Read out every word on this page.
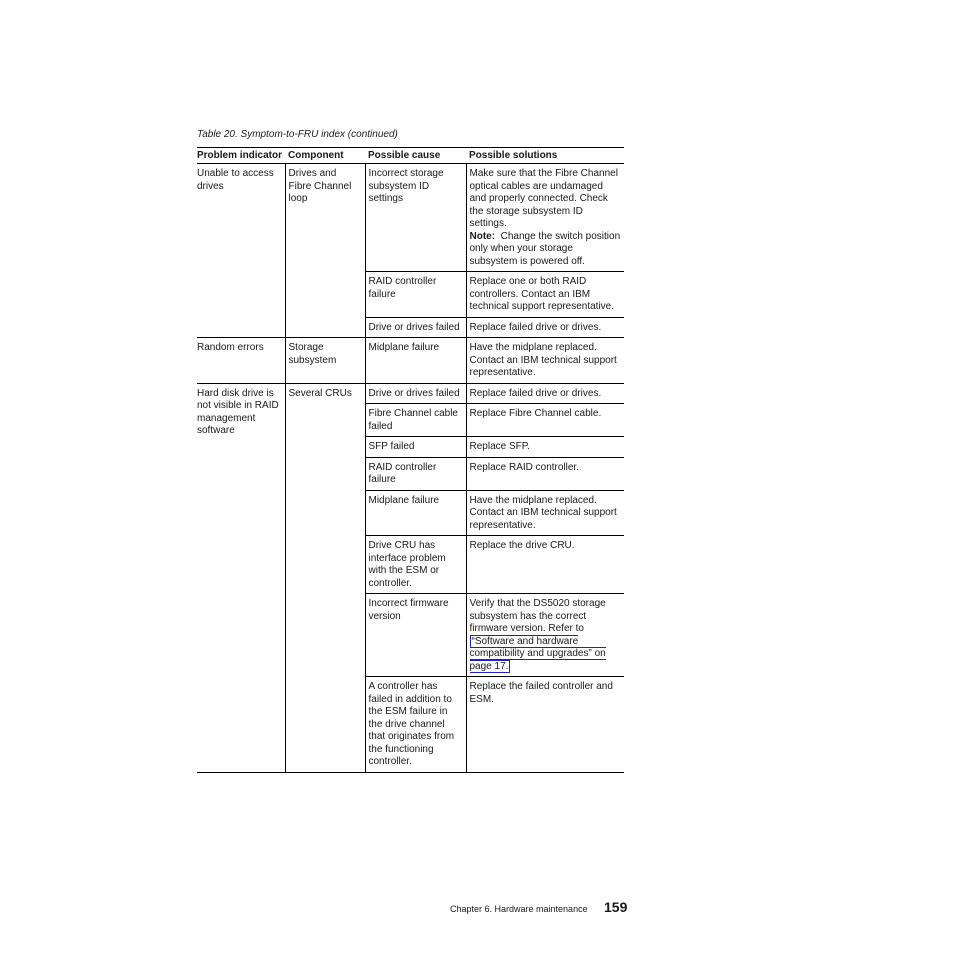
Table 20. Symptom-to-FRU index (continued)
Problem indicator	Component	Possible cause	Possible solutions
Unable to access drives	Drives and Fibre Channel loop	Incorrect storage subsystem ID settings	Make sure that the Fibre Channel optical cables are undamaged and properly connected. Check the storage subsystem ID settings.
Note: Change the switch position only when your storage subsystem is powered off.
		RAID controller failure	Replace one or both RAID controllers. Contact an IBM technical support representative.
		Drive or drives failed	Replace failed drive or drives.
Random errors	Storage subsystem	Midplane failure	Have the midplane replaced. Contact an IBM technical support representative.
Hard disk drive is not visible in RAID management software	Several CRUs	Drive or drives failed	Replace failed drive or drives.
		Fibre Channel cable failed	Replace Fibre Channel cable.
		SFP failed	Replace SFP.
		RAID controller failure	Replace RAID controller.
		Midplane failure	Have the midplane replaced. Contact an IBM technical support representative.
		Drive CRU has interface problem with the ESM or controller.	Replace the drive CRU.
		Incorrect firmware version	Verify that the DS5020 storage subsystem has the correct firmware version. Refer to “Software and hardware compatibility and upgrades” on page 17.
		A controller has failed in addition to the ESM failure in the drive channel that originates from the functioning controller.	Replace the failed controller and ESM.
Chapter 6. Hardware maintenance 159
